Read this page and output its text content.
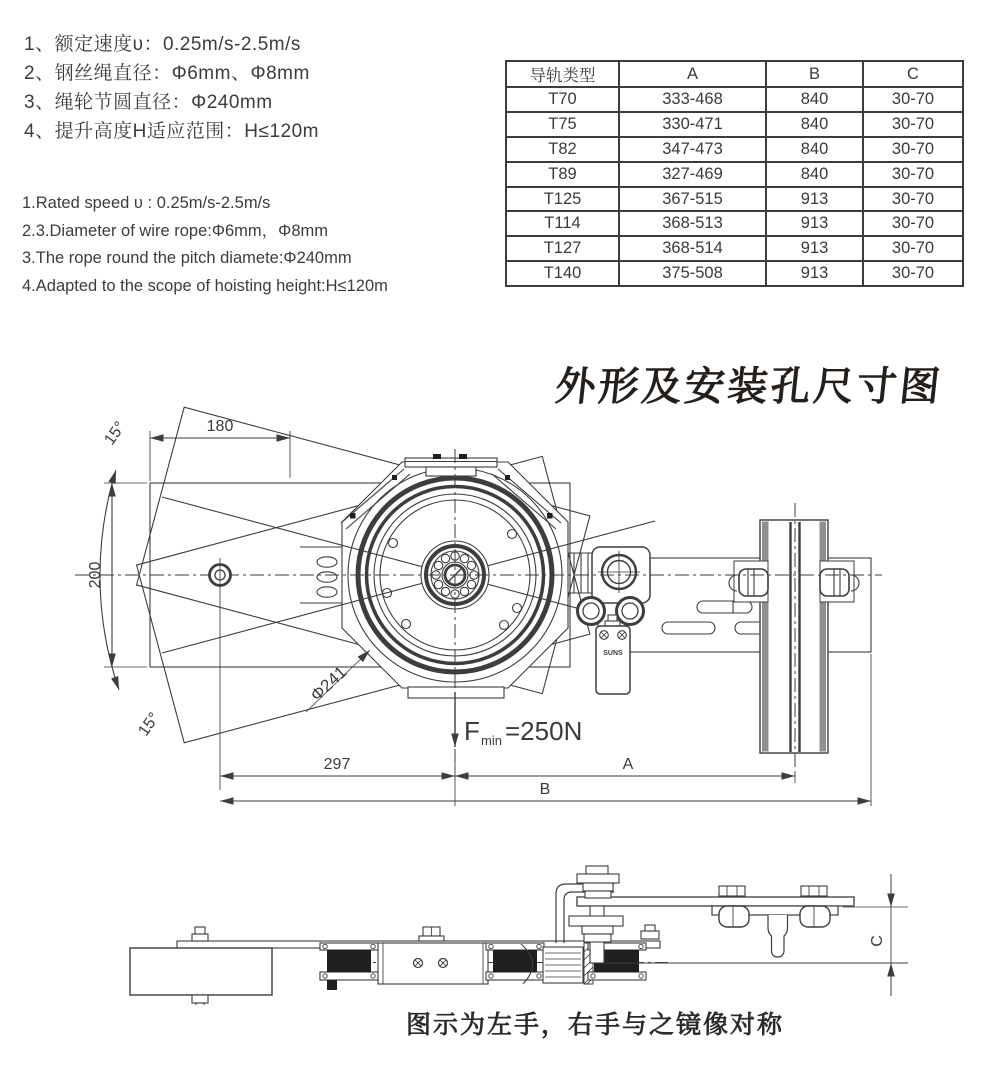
1、额定速度υ：0.25m/s-2.5m/s
2、钢丝绳直径：Φ6mm、Φ8mm
3、绳轮节圆直径：Φ240mm
4、提升高度H适应范围：H≤120m
1.Rated speed υ : 0.25m/s-2.5m/s
2.3.Diameter of wire rope:Φ6mm，Φ8mm
3.The rope round the pitch diamete:Φ240mm
4.Adapted to the scope of hoisting height:H≤120m
导轨类型	A	B	C
T70	333-468	840	30-70
T75	330-471	840	30-70
T82	347-473	840	30-70
T89	327-469	840	30-70
T125	367-515	913	30-70
T114	368-513	913	30-70
T127	368-514	913	30-70
T140	375-508	913	30-70
外形及安装孔尺寸图
SUNS
180
200
15°
15°
Φ241
F min =250N
297	A
B
C
图示为左手，右手与之镜像对称
